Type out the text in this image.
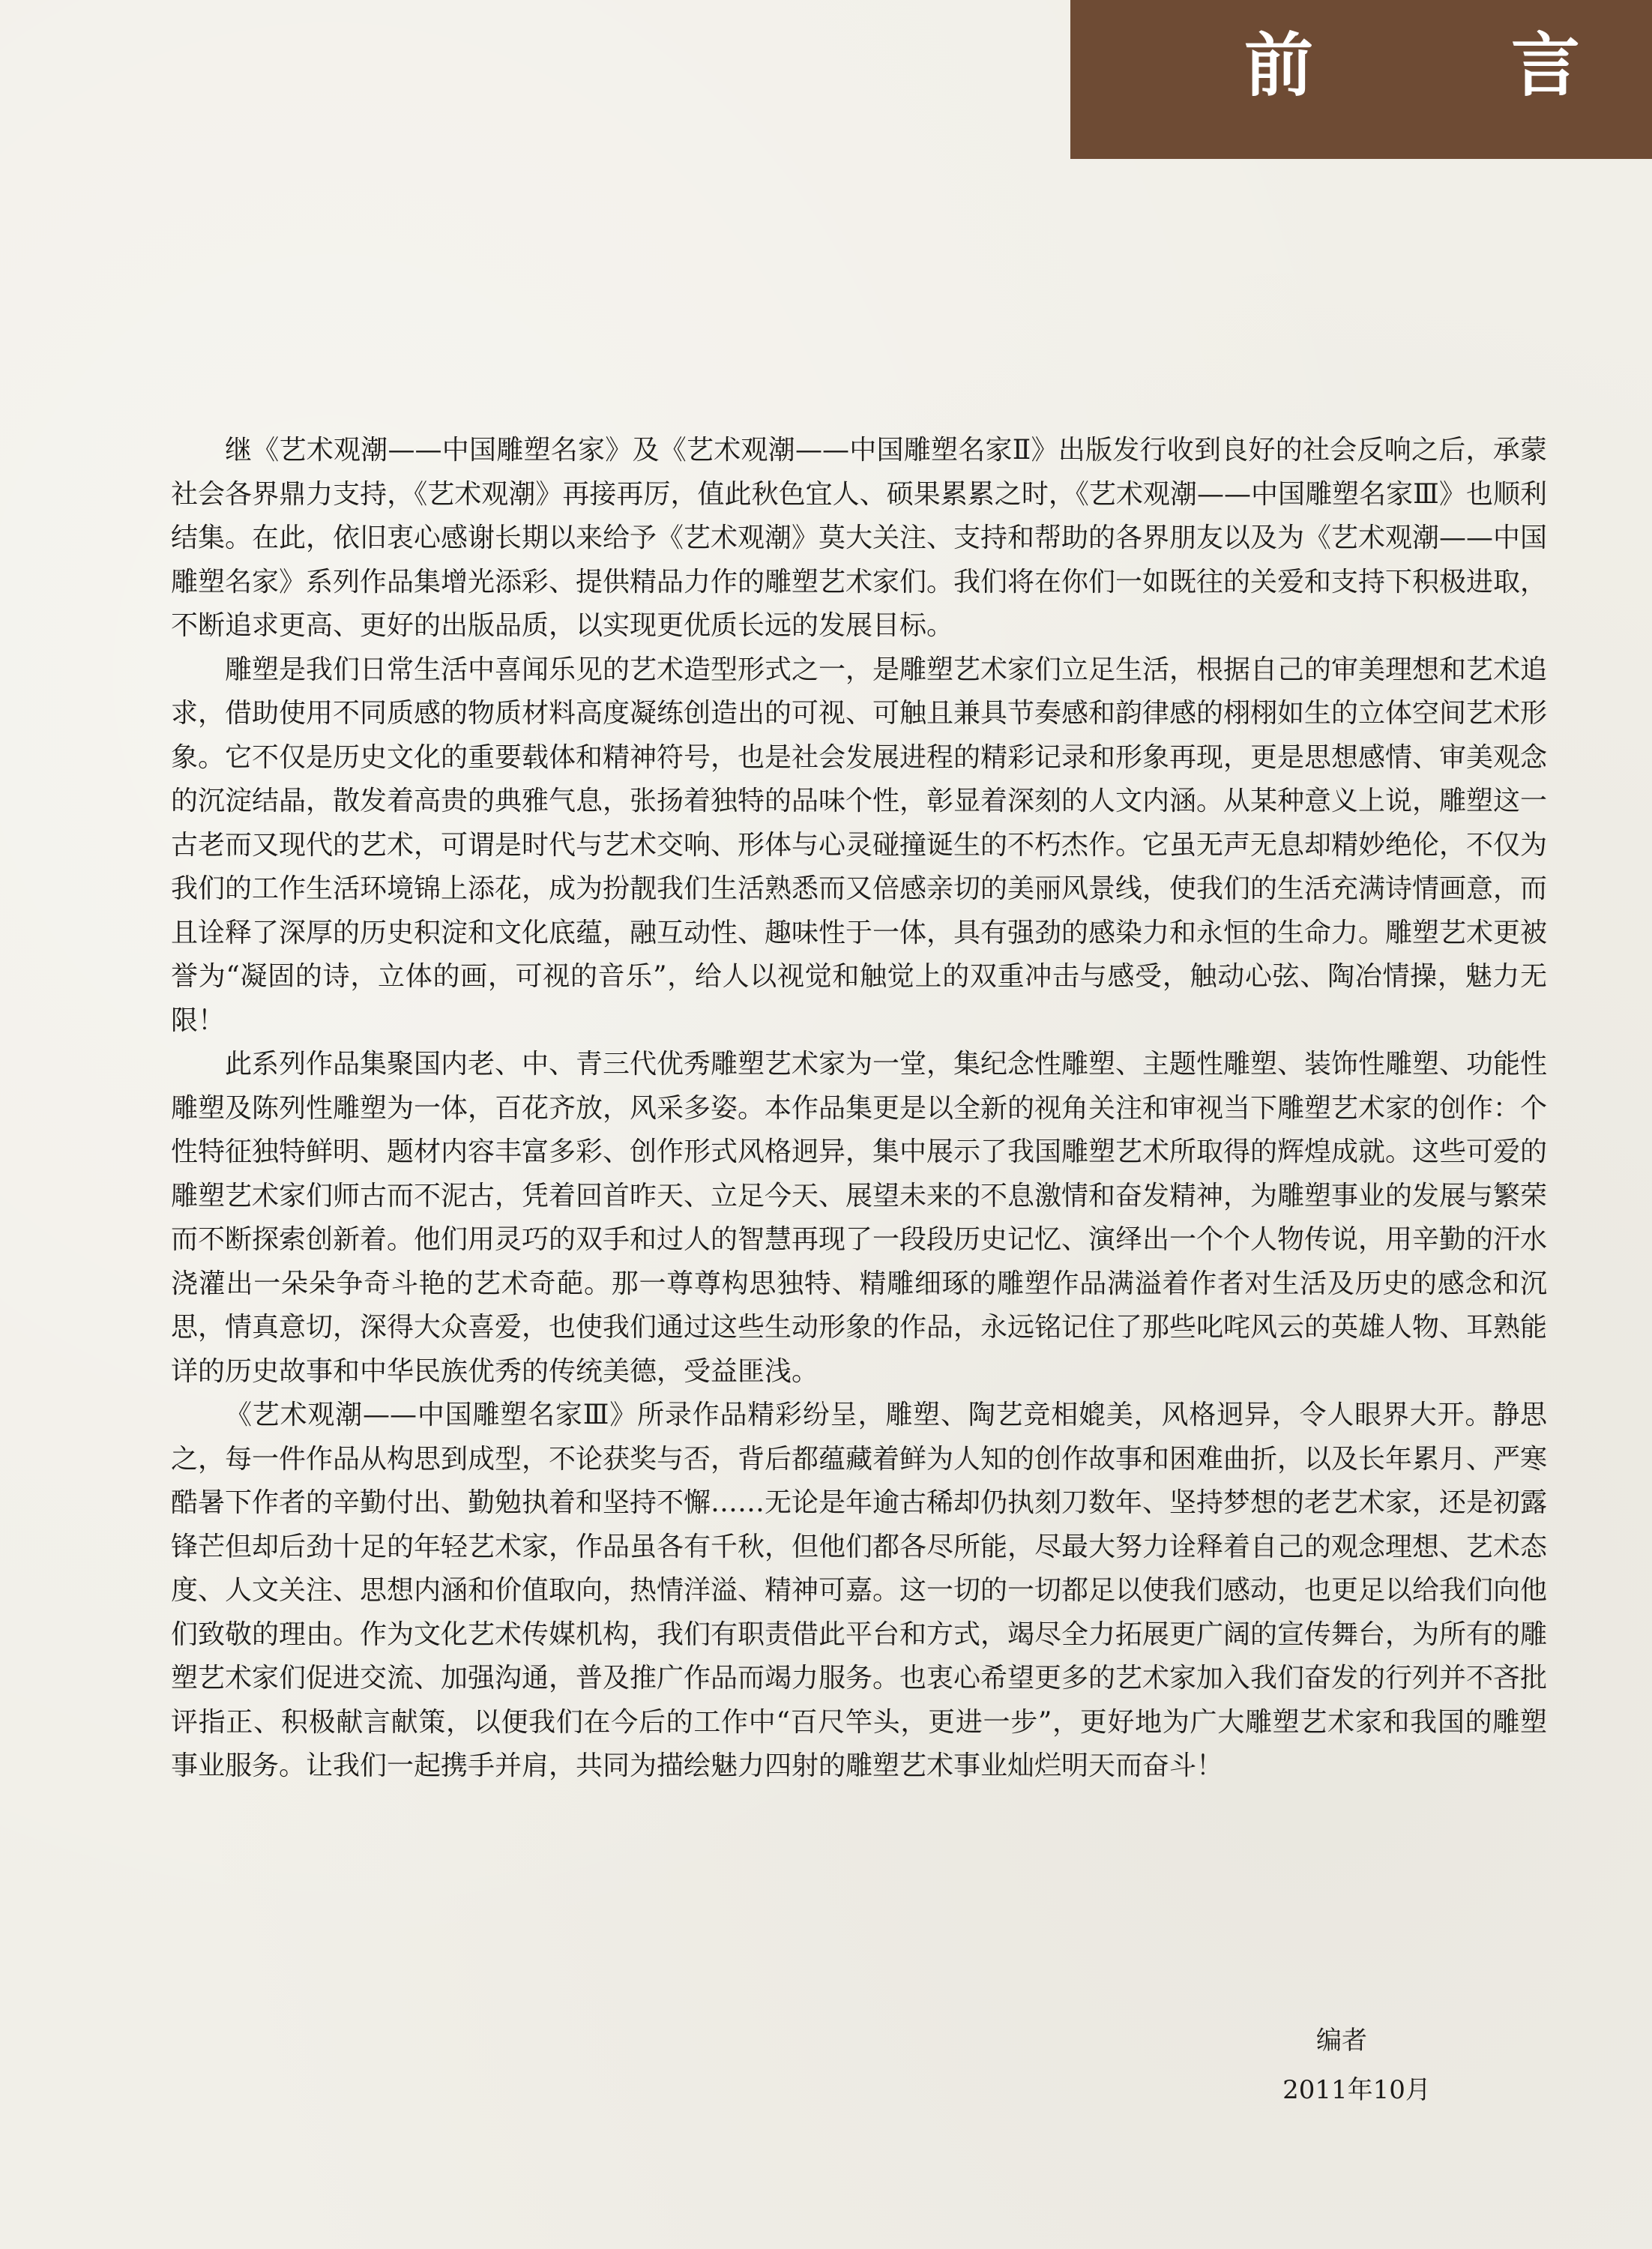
前　言

继《艺术观潮——中国雕塑名家》及《艺术观潮——中国雕塑名家Ⅱ》出版发行收到良好的社会反响之后，承蒙社会各界鼎力支持，《艺术观潮》再接再厉，值此秋色宜人、硕果累累之时，《艺术观潮——中国雕塑名家Ⅲ》也顺利结集。在此，依旧衷心感谢长期以来给予《艺术观潮》莫大关注、支持和帮助的各界朋友以及为《艺术观潮——中国雕塑名家》系列作品集增光添彩、提供精品力作的雕塑艺术家们。我们将在你们一如既往的关爱和支持下积极进取，不断追求更高、更好的出版品质，以实现更优质长远的发展目标。

雕塑是我们日常生活中喜闻乐见的艺术造型形式之一，是雕塑艺术家们立足生活，根据自己的审美理想和艺术追求，借助使用不同质感的物质材料高度凝练创造出的可视、可触且兼具节奏感和韵律感的栩栩如生的立体空间艺术形象。它不仅是历史文化的重要载体和精神符号，也是社会发展进程的精彩记录和形象再现，更是思想感情、审美观念的沉淀结晶，散发着高贵的典雅气息，张扬着独特的品味个性，彰显着深刻的人文内涵。从某种意义上说，雕塑这一古老而又现代的艺术，可谓是时代与艺术交响、形体与心灵碰撞诞生的不朽杰作。它虽无声无息却精妙绝伦，不仅为我们的工作生活环境锦上添花，成为扮靓我们生活熟悉而又倍感亲切的美丽风景线，使我们的生活充满诗情画意，而且诠释了深厚的历史积淀和文化底蕴，融互动性、趣味性于一体，具有强劲的感染力和永恒的生命力。雕塑艺术更被誉为“凝固的诗，立体的画，可视的音乐”，给人以视觉和触觉上的双重冲击与感受，触动心弦、陶冶情操，魅力无限！

此系列作品集聚国内老、中、青三代优秀雕塑艺术家为一堂，集纪念性雕塑、主题性雕塑、装饰性雕塑、功能性雕塑及陈列性雕塑为一体，百花齐放，风采多姿。本作品集更是以全新的视角关注和审视当下雕塑艺术家的创作：个性特征独特鲜明、题材内容丰富多彩、创作形式风格迥异，集中展示了我国雕塑艺术所取得的辉煌成就。这些可爱的雕塑艺术家们师古而不泥古，凭着回首昨天、立足今天、展望未来的不息激情和奋发精神，为雕塑事业的发展与繁荣而不断探索创新着。他们用灵巧的双手和过人的智慧再现了一段段历史记忆、演绎出一个个人物传说，用辛勤的汗水浇灌出一朵朵争奇斗艳的艺术奇葩。那一尊尊构思独特、精雕细琢的雕塑作品满溢着作者对生活及历史的感念和沉思，情真意切，深得大众喜爱，也使我们通过这些生动形象的作品，永远铭记住了那些叱咤风云的英雄人物、耳熟能详的历史故事和中华民族优秀的传统美德，受益匪浅。

《艺术观潮——中国雕塑名家Ⅲ》所录作品精彩纷呈，雕塑、陶艺竞相媲美，风格迥异，令人眼界大开。静思之，每一件作品从构思到成型，不论获奖与否，背后都蕴藏着鲜为人知的创作故事和困难曲折，以及长年累月、严寒酷暑下作者的辛勤付出、勤勉执着和坚持不懈……无论是年逾古稀却仍执刻刀数年、坚持梦想的老艺术家，还是初露锋芒但却后劲十足的年轻艺术家，作品虽各有千秋，但他们都各尽所能，尽最大努力诠释着自己的观念理想、艺术态度、人文关注、思想内涵和价值取向，热情洋溢、精神可嘉。这一切的一切都足以使我们感动，也更足以给我们向他们致敬的理由。作为文化艺术传媒机构，我们有职责借此平台和方式，竭尽全力拓展更广阔的宣传舞台，为所有的雕塑艺术家们促进交流、加强沟通，普及推广作品而竭力服务。也衷心希望更多的艺术家加入我们奋发的行列并不吝批评指正、积极献言献策，以便我们在今后的工作中“百尺竿头，更进一步”，更好地为广大雕塑艺术家和我国的雕塑事业服务。让我们一起携手并肩，共同为描绘魅力四射的雕塑艺术事业灿烂明天而奋斗！

编者
2011年10月
